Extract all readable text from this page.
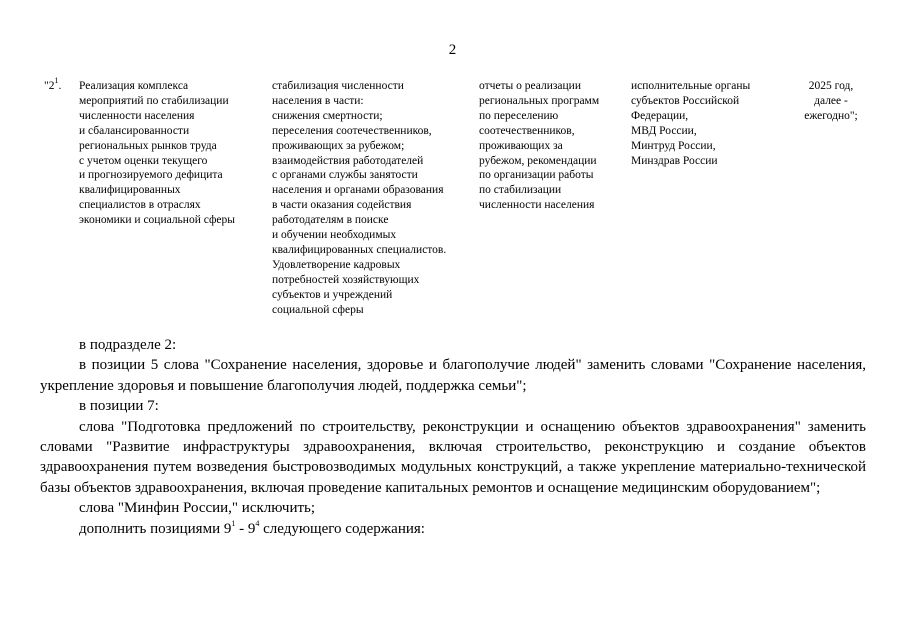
2
"$2^1$.	Реализация комплекса
мероприятий по стабилизации
численности населения
и сбалансированности
региональных рынков труда
с учетом оценки текущего
и прогнозируемого дефицита
квалифицированных
специалистов в отраслях
экономики и социальной сферы
стабилизация численности
населения в части:
снижения смертности;
переселения соотечественников,
проживающих за рубежом;
взаимодействия работодателей
с органами службы занятости
населения и органами образования
в части оказания содействия
работодателям в поиске
и обучении необходимых
квалифицированных специалистов.
Удовлетворение кадровых
потребностей хозяйствующих
субъектов и учреждений
социальной сферы
отчеты о реализации
региональных программ
по переселению
соотечественников,
проживающих за
рубежом, рекомендации
по организации работы
по стабилизации
численности населения
исполнительные органы
субъектов Российской
Федерации,
МВД России,
Минтруд России,
Минздрав России
2025 год,
далее -
ежегодно";

в подразделе 2:

в позиции 5 слова "Сохранение населения, здоровье и благополучие людей" заменить словами "Сохранение населения, укрепление здоровья и повышение благополучия людей, поддержка семьи";

в позиции 7:

слова "Подготовка предложений по строительству, реконструкции и оснащению объектов здравоохранения" заменить словами "Развитие инфраструктуры здравоохранения, включая строительство, реконструкцию и создание объектов здравоохранения путем возведения быстровозводимых модульных конструкций, а также укрепление материально-технической базы объектов здравоохранения, включая проведение капитальных ремонтов и оснащение медицинским оборудованием";

слова "Минфин России," исключить;

дополнить позициями $9^1 - 9^4$ следующего содержания:
